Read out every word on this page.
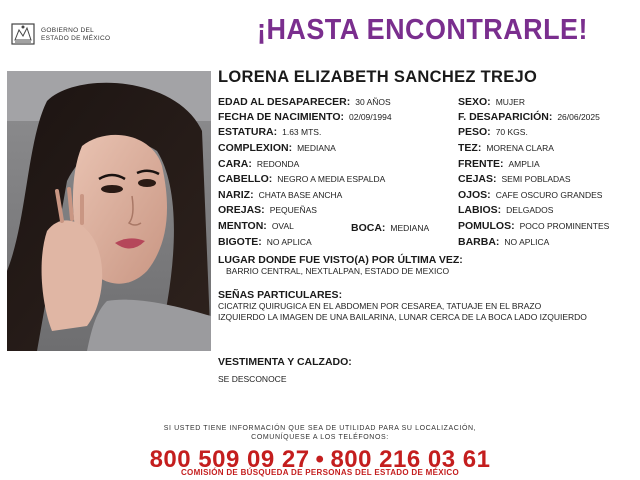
GOBIERNO DEL
ESTADO DE MÉXICO	¡HASTA ENCONTRARLE!
LORENA ELIZABETH SANCHEZ TREJO
EDAD AL DESAPARECER: 30 AÑOS
FECHA DE NACIMIENTO: 02/09/1994
ESTATURA: 1.63 MTS.
COMPLEXION: MEDIANA
CARA: REDONDA
CABELLO: NEGRO A MEDIA ESPALDA
NARIZ: CHATA BASE ANCHA
OREJAS: PEQUEÑAS
MENTON: OVAL	BOCA: MEDIANA
BIGOTE: NO APLICA
SEXO: MUJER
F. DESAPARICIÓN: 26/06/2025
PESO: 70 KGS.
TEZ: MORENA CLARA
FRENTE: AMPLIA
CEJAS: SEMI POBLADAS
OJOS: CAFE OSCURO GRANDES
LABIOS: DELGADOS
POMULOS: POCO PROMINENTES
BARBA: NO APLICA
LUGAR DONDE FUE VISTO(A) POR ÚLTIMA VEZ:
BARRIO CENTRAL, NEXTLALPAN, ESTADO DE MEXICO
SEÑAS PARTICULARES:
CICATRIZ QUIRUGICA EN EL ABDOMEN POR CESAREA, TATUAJE EN EL BRAZO IZQUIERDO LA IMAGEN DE UNA BAILARINA, LUNAR CERCA DE LA BOCA LADO IZQUIERDO
VESTIMENTA Y CALZADO:
SE DESCONOCE
SI USTED TIENE INFORMACIÓN QUE SEA DE UTILIDAD PARA SU LOCALIZACIÓN,
COMUNÍQUESE A LOS TELÉFONOS:
800 509 09 27 • 800 216 03 61
COMISIÓN DE BÚSQUEDA DE PERSONAS DEL ESTADO DE MÉXICO
